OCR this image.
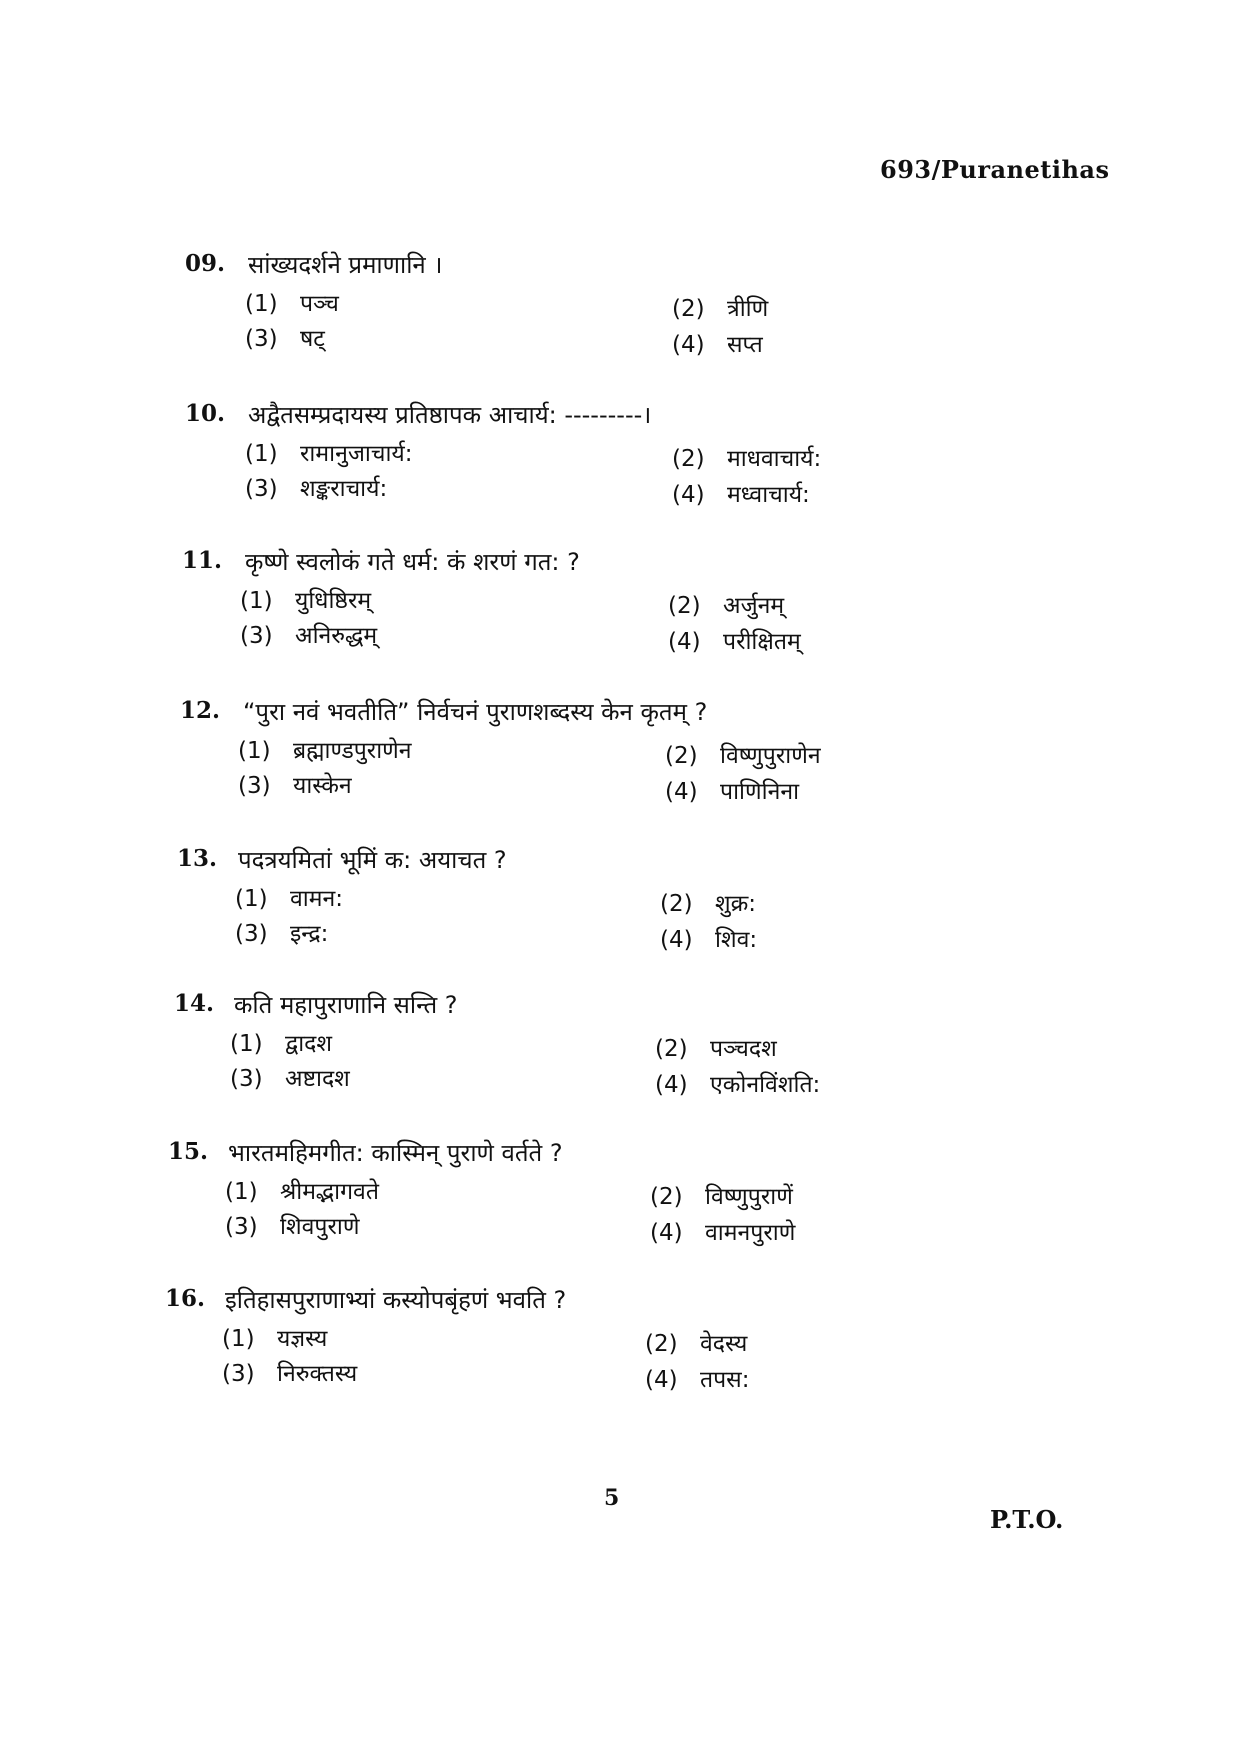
693/Puranetihas
09. सांख्यदर्शने प्रमाणानि ।
(1) पञ्च	(2) त्रीणि
(3) षट्	(4) सप्त
10. अद्वैतसम्प्रदायस्य प्रतिष्ठापक आचार्य: ---------।
(1) रामानुजाचार्य:	(2) माधवाचार्य:
(3) शङ्कराचार्य:	(4) मध्वाचार्य:
11. कृष्णे स्वलोकं गते धर्म: कं शरणं गत: ?
(1) युधिष्ठिरम्	(2) अर्जुनम्
(3) अनिरुद्धम्	(4) परीक्षितम्
12. “पुरा नवं भवतीति” निर्वचनं पुराणशब्दस्य केन कृतम् ?
(1) ब्रह्माण्डपुराणेन	(2) विष्णुपुराणेन
(3) यास्केन	(4) पाणिनिना
13. पदत्रयमितां भूमिं क: अयाचत ?
(1) वामन:	(2) शुक्र:
(3) इन्द्र:	(4) शिव:
14. कति महापुराणानि सन्ति ?
(1) द्वादश	(2) पञ्चदश
(3) अष्टादश	(4) एकोनविंशति:
15. भारतमहिमगीत: कास्मिन् पुराणे वर्तते ?
(1) श्रीमद्भागवते	(2) विष्णुपुराणें
(3) शिवपुराणे	(4) वामनपुराणे
16. इतिहासपुराणाभ्यां कस्योपबृंहणं भवति ?
(1) यज्ञस्य	(2) वेदस्य
(3) निरुक्तस्य	(4) तपस:
5
P.T.O.
